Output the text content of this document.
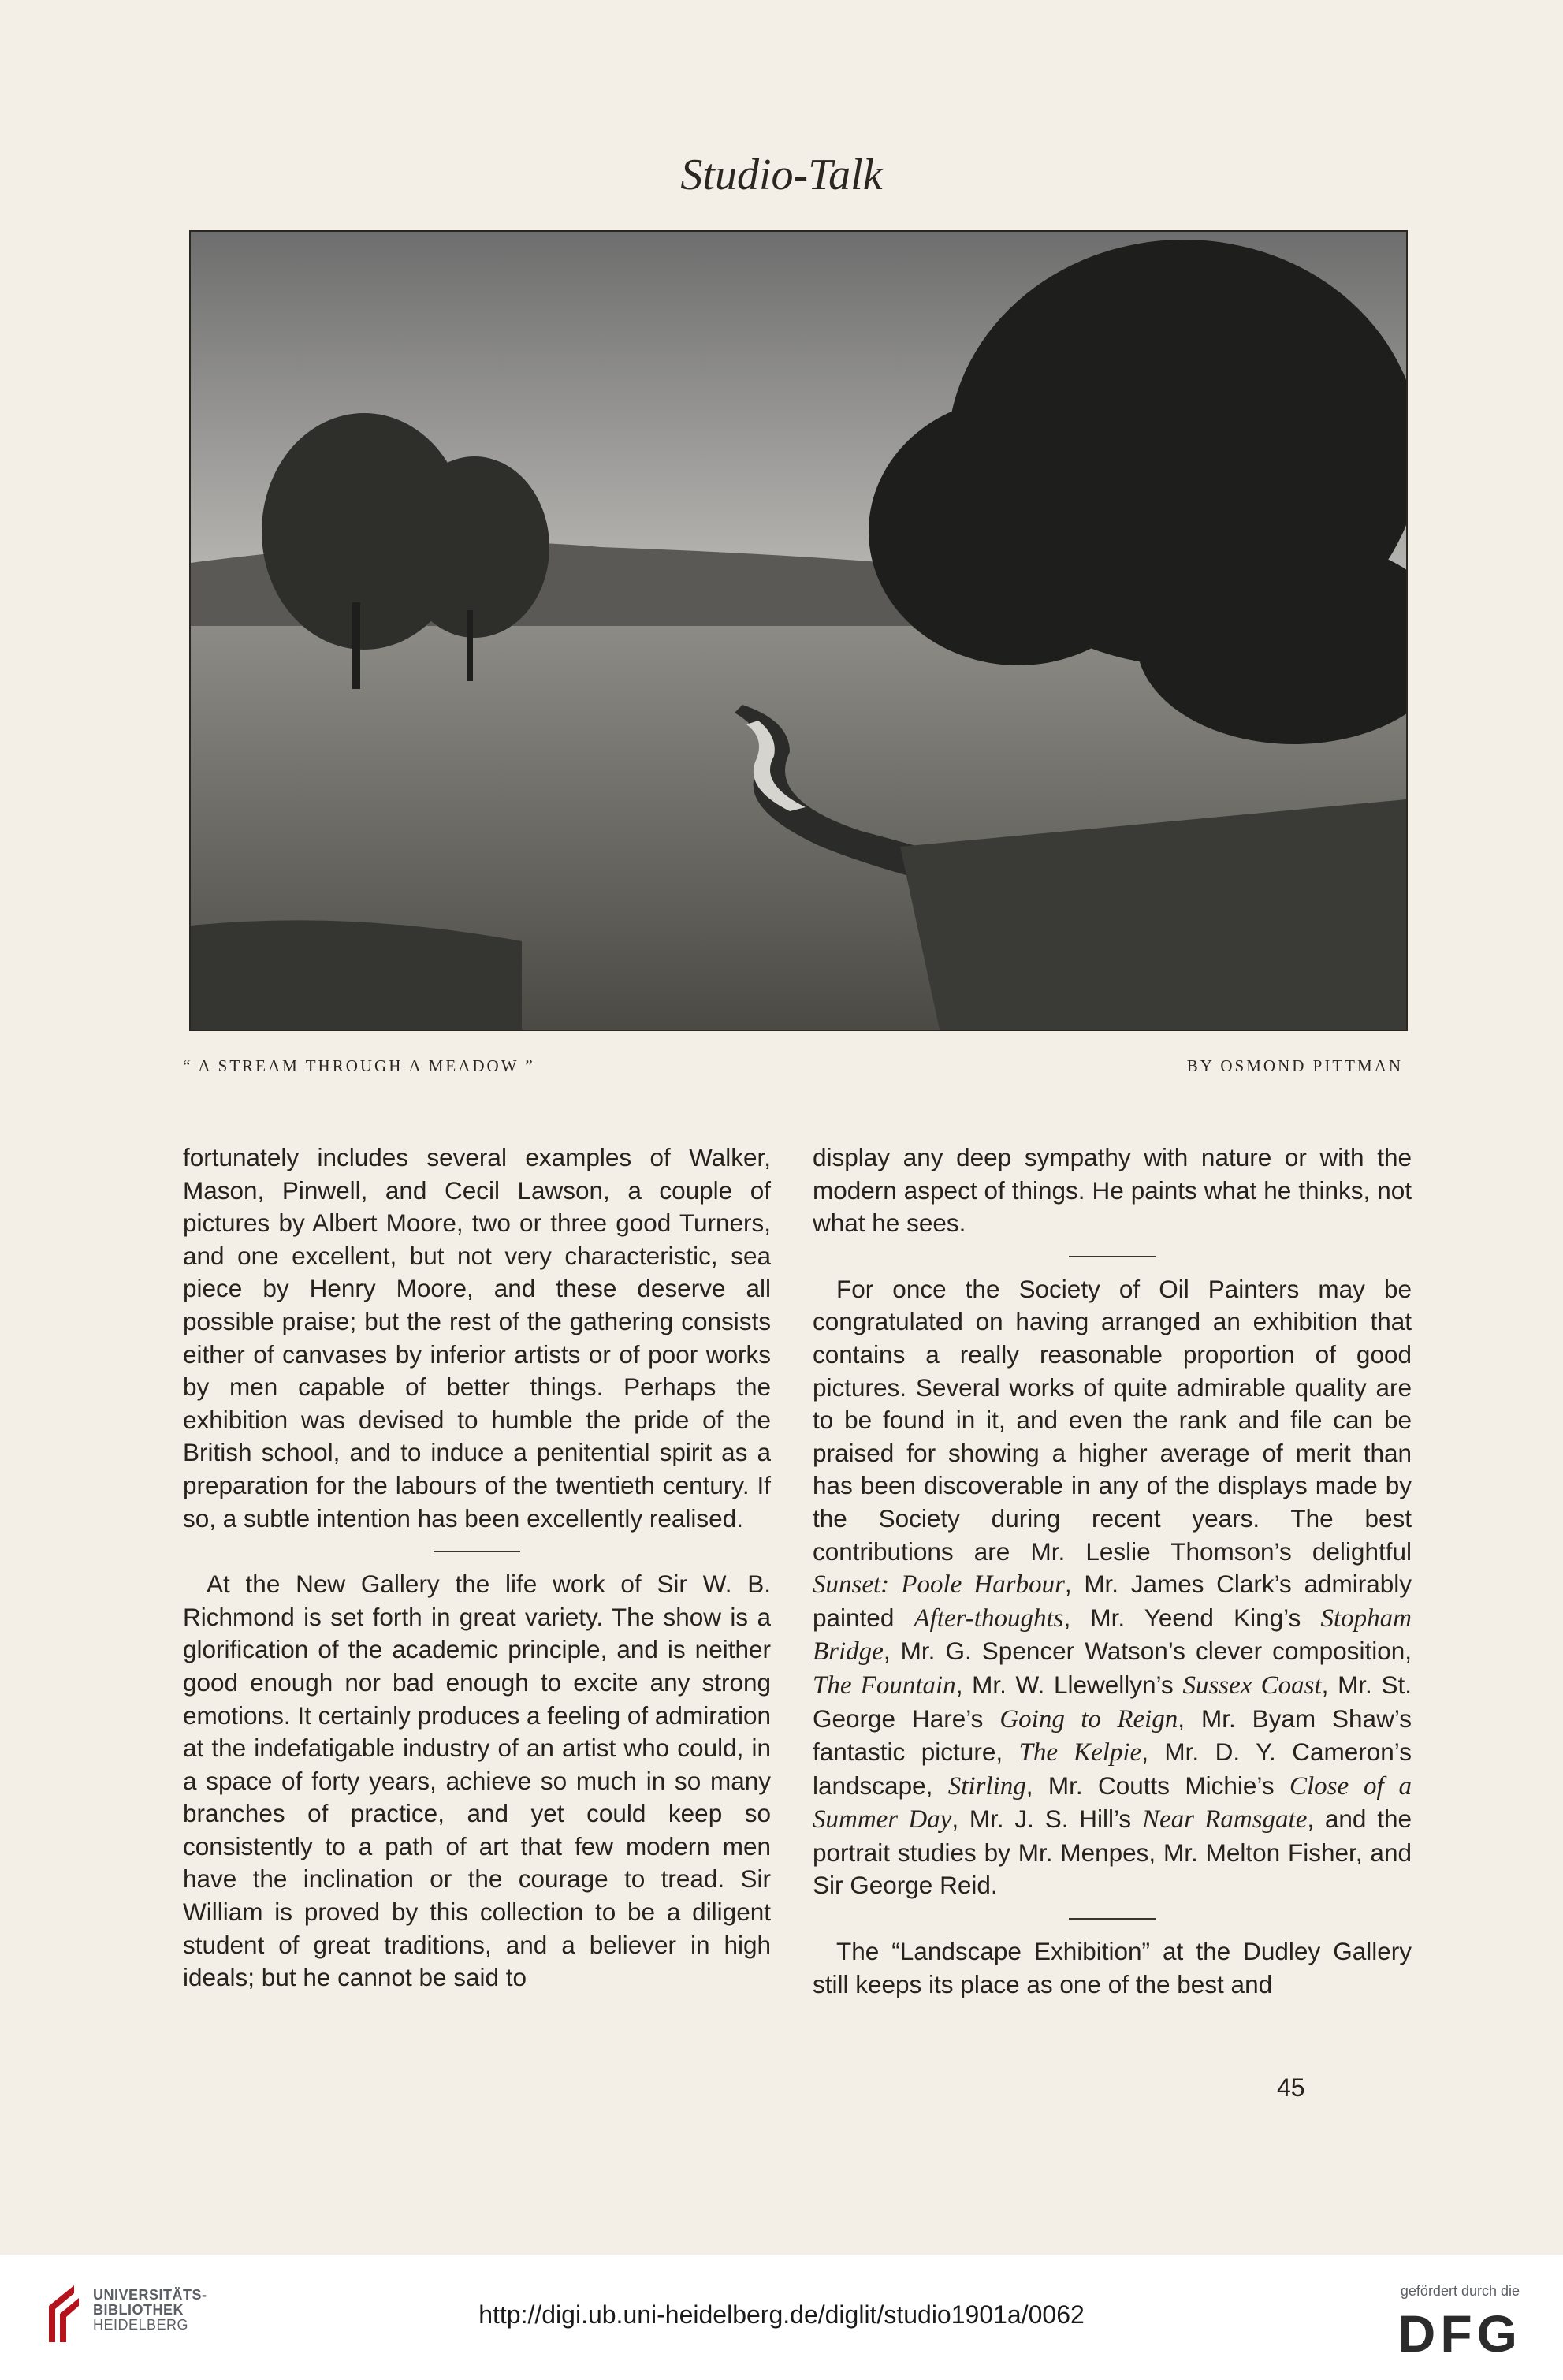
Studio-Talk
“ A STREAM THROUGH A MEADOW ”	BY OSMOND PITTMAN

fortunately includes several examples of Walker, Mason, Pinwell, and Cecil Lawson, a couple of pictures by Albert Moore, two or three good Turners, and one excellent, but not very characteristic, sea piece by Henry Moore, and these deserve all possible praise; but the rest of the gathering consists either of canvases by inferior artists or of poor works by men capable of better things. Perhaps the exhibition was devised to humble the pride of the British school, and to induce a penitential spirit as a preparation for the labours of the twentieth century. If so, a subtle intention has been excellently realised.

At the New Gallery the life work of Sir W. B. Richmond is set forth in great variety. The show is a glorification of the academic principle, and is neither good enough nor bad enough to excite any strong emotions. It certainly produces a feeling of admiration at the indefatigable industry of an artist who could, in a space of forty years, achieve so much in so many branches of practice, and yet could keep so consistently to a path of art that few modern men have the inclination or the courage to tread. Sir William is proved by this collection to be a diligent student of great traditions, and a believer in high ideals; but he cannot be said to

display any deep sympathy with nature or with the modern aspect of things. He paints what he thinks, not what he sees.

For once the Society of Oil Painters may be congratulated on having arranged an exhibition that contains a really reasonable proportion of good pictures. Several works of quite admirable quality are to be found in it, and even the rank and file can be praised for showing a higher average of merit than has been discoverable in any of the displays made by the Society during recent years. The best contributions are Mr. Leslie Thomson’s delightful Sunset: Poole Harbour, Mr. James Clark’s admirably painted After-thoughts, Mr. Yeend King’s Stopham Bridge, Mr. G. Spencer Watson’s clever composition, The Fountain, Mr. W. Llewellyn’s Sussex Coast, Mr. St. George Hare’s Going to Reign, Mr. Byam Shaw’s fantastic picture, The Kelpie, Mr. D. Y. Cameron’s landscape, Stirling, Mr. Coutts Michie’s Close of a Summer Day, Mr. J. S. Hill’s Near Ramsgate, and the portrait studies by Mr. Menpes, Mr. Melton Fisher, and Sir George Reid.

The “Landscape Exhibition” at the Dudley Gallery still keeps its place as one of the best and

45
UNIVERSITÄTS-
BIBLIOTHEK
HEIDELBERG	http://digi.ub.uni-heidelberg.de/diglit/studio1901a/0062
gefördert durch die
DFG
